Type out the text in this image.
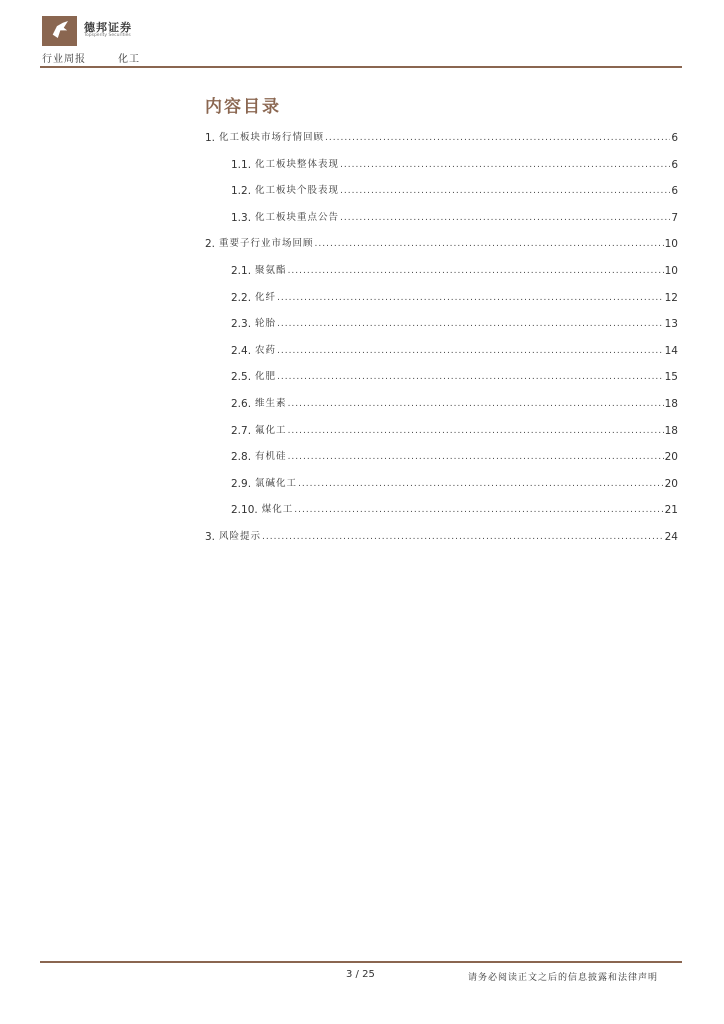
德邦证券
Topsperity Securities
行业周报	化工
内容目录
1. 化工板块市场行情回顾 .....	6
1.1. 化工板块整体表现 .....	6
1.2. 化工板块个股表现 .....	6
1.3. 化工板块重点公告 .....	7
2. 重要子行业市场回顾 .....	10
2.1. 聚氨酯 .....	10
2.2. 化纤 .....	12
2.3. 轮胎 .....	13
2.4. 农药 .....	14
2.5. 化肥 .....	15
2.6. 维生素 .....	18
2.7. 氟化工 .....	18
2.8. 有机硅 .....	20
2.9. 氯碱化工 .....	20
2.10. 煤化工 .....	21
3. 风险提示 .....	24
3 / 25	请务必阅读正文之后的信息披露和法律声明
